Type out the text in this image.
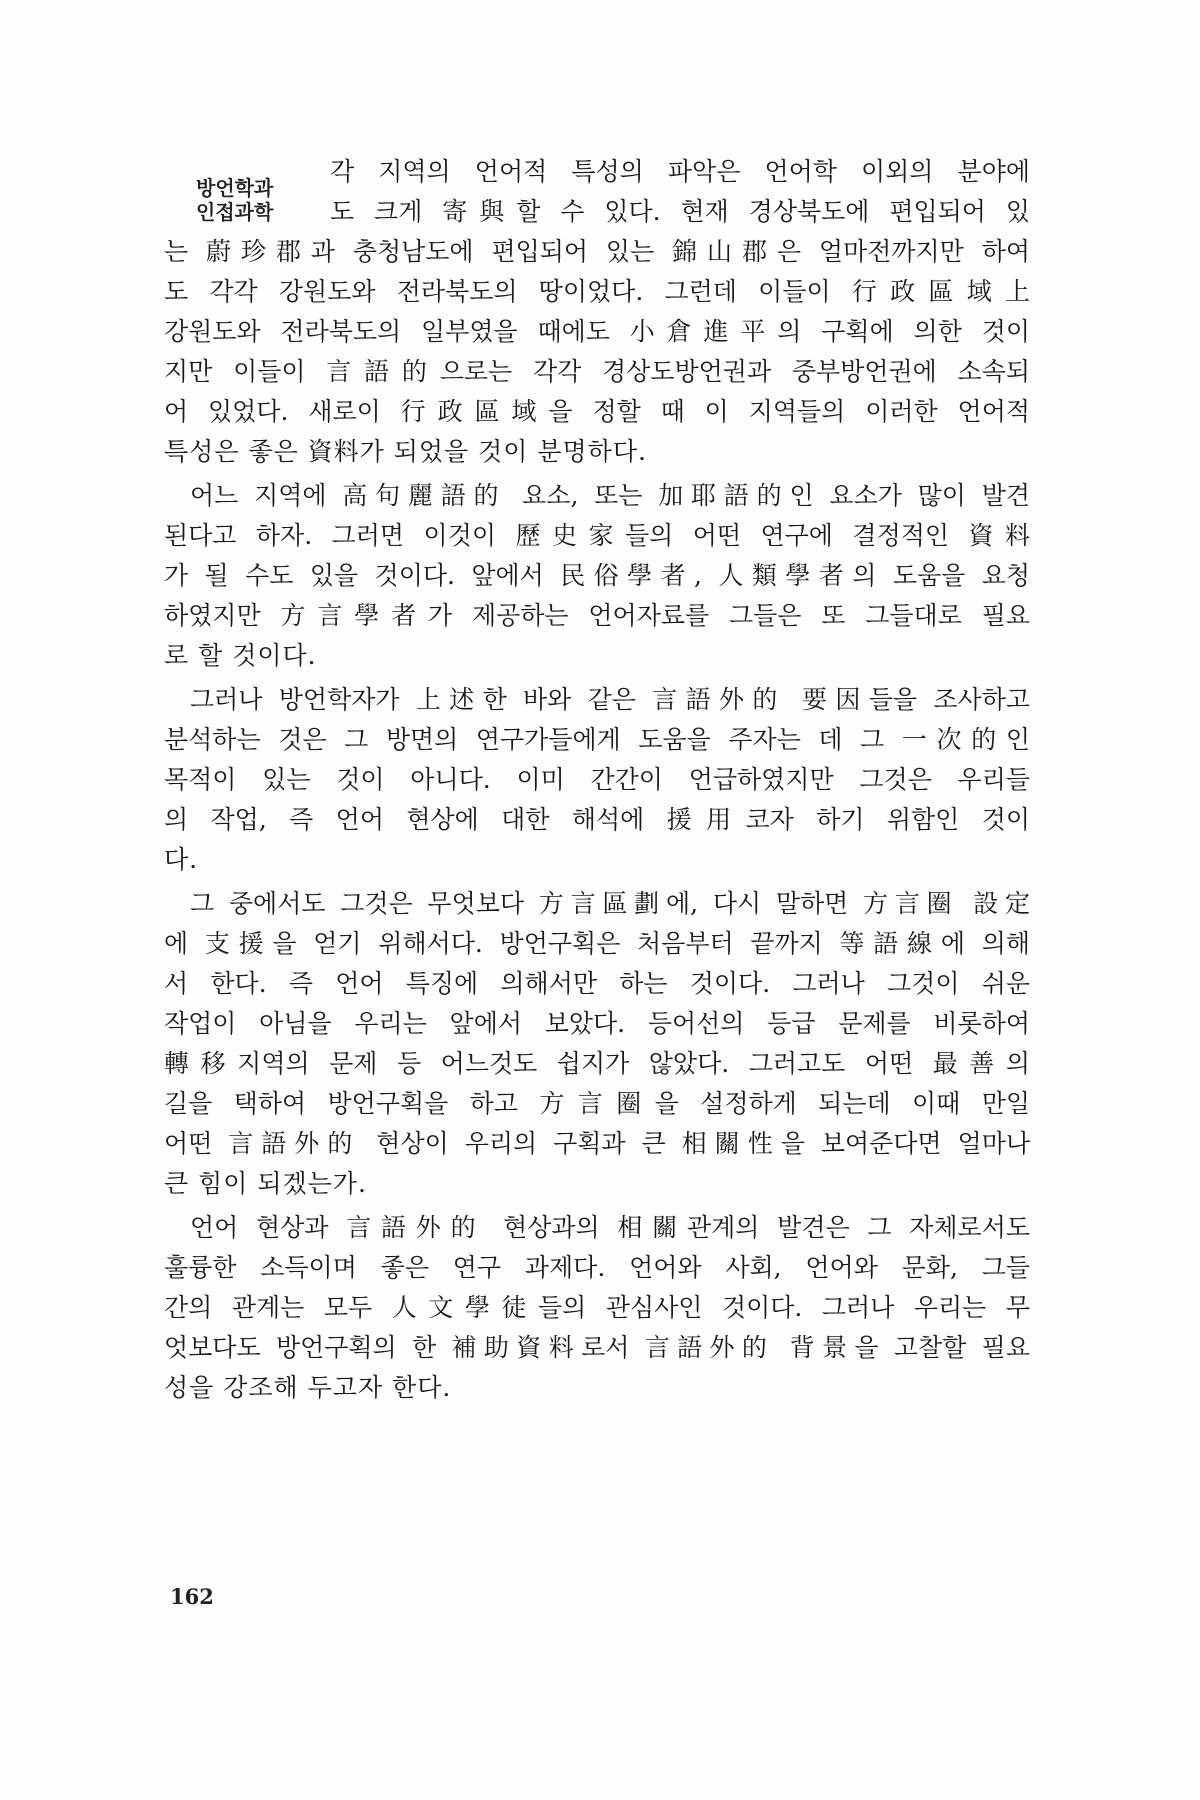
방언학과
인접과학
각 지역의 언어적 특성의 파악은 언어학 이외의 분야에
도 크게 寄與할 수 있다. 현재 경상북도에 편입되어 있
는 蔚珍郡과 충청남도에 편입되어 있는 錦山郡은 얼마전까지만 하여
도 각각 강원도와 전라북도의 땅이었다. 그런데 이들이 行政區域上
강원도와 전라북도의 일부였을 때에도 小倉進平의 구획에 의한 것이
지만 이들이 言語的으로는 각각 경상도방언권과 중부방언권에 소속되
어 있었다. 새로이 行政區域을 정할 때 이 지역들의 이러한 언어적
특성은 좋은 資料가 되었을 것이 분명하다.
어느 지역에 高句麗語的 요소, 또는 加耶語的인 요소가 많이 발견
된다고 하자. 그러면 이것이 歷史家들의 어떤 연구에 결정적인 資料
가 될 수도 있을 것이다. 앞에서 民俗學者, 人類學者의 도움을 요청
하였지만 方言學者가 제공하는 언어자료를 그들은 또 그들대로 필요
로 할 것이다.
그러나 방언학자가 上述한 바와 같은 言語外的 要因들을 조사하고
분석하는 것은 그 방면의 연구가들에게 도움을 주자는 데 그 一次的인
목적이 있는 것이 아니다. 이미 간간이 언급하였지만 그것은 우리들
의 작업, 즉 언어 현상에 대한 해석에 援用코자 하기 위함인 것이
다.
그 중에서도 그것은 무엇보다 方言區劃에, 다시 말하면 方言圈 設定
에 支援을 얻기 위해서다. 방언구획은 처음부터 끝까지 等語線에 의해
서 한다. 즉 언어 특징에 의해서만 하는 것이다. 그러나 그것이 쉬운
작업이 아님을 우리는 앞에서 보았다. 등어선의 등급 문제를 비롯하여
轉移지역의 문제 등 어느것도 쉽지가 않았다. 그러고도 어떤 最善의
길을 택하여 방언구획을 하고 方言圈을 설정하게 되는데 이때 만일
어떤 言語外的 현상이 우리의 구획과 큰 相關性을 보여준다면 얼마나
큰 힘이 되겠는가.
언어 현상과 言語外的 현상과의 相關관계의 발견은 그 자체로서도
훌륭한 소득이며 좋은 연구 과제다. 언어와 사회, 언어와 문화, 그들
간의 관계는 모두 人文學徒들의 관심사인 것이다. 그러나 우리는 무
엇보다도 방언구획의 한 補助資料로서 言語外的 背景을 고찰할 필요
성을 강조해 두고자 한다.
162
